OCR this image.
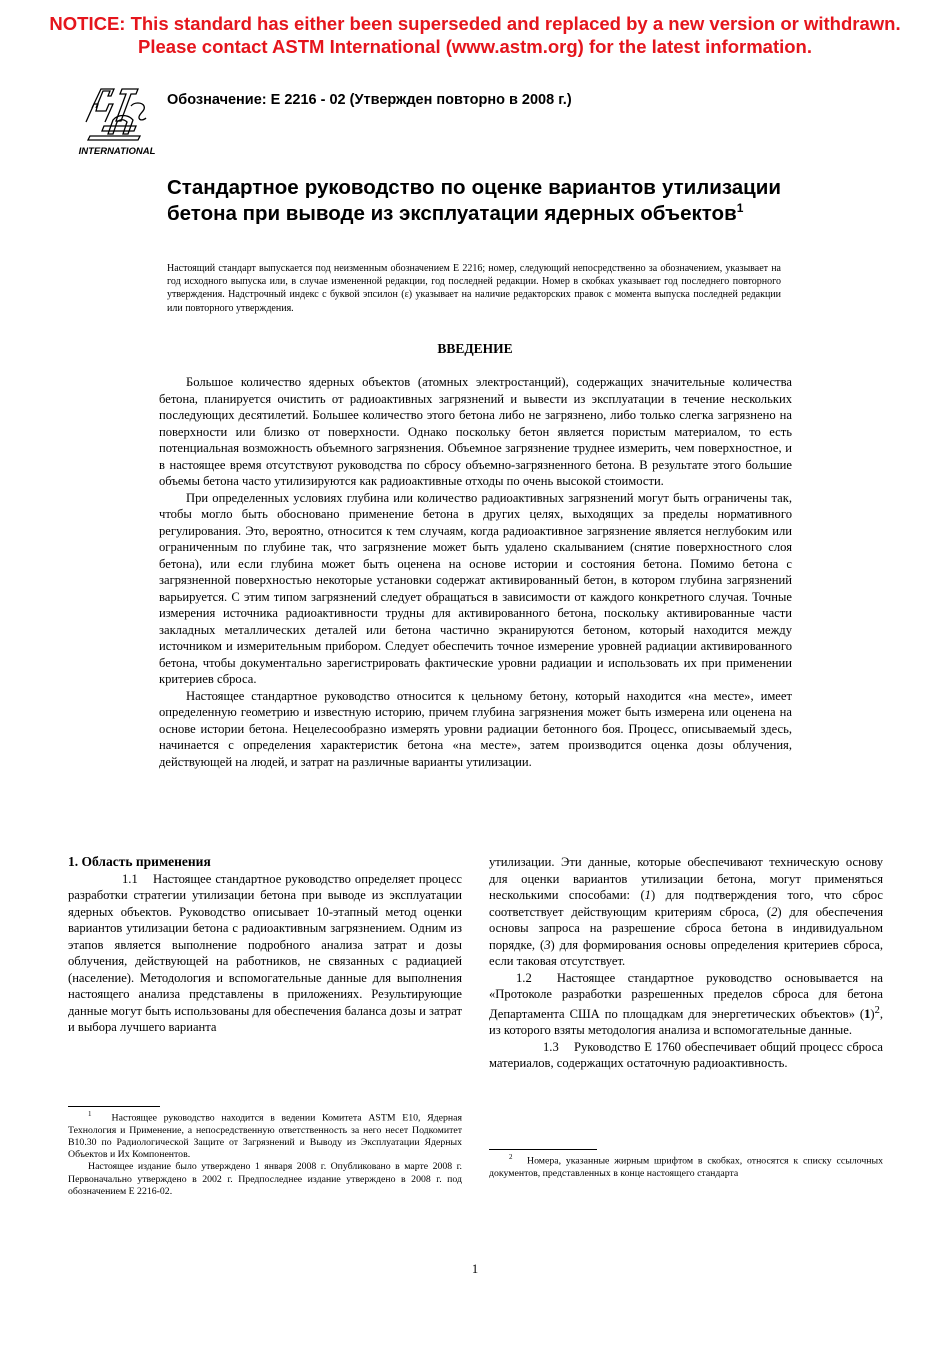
NOTICE: This standard has either been superseded and replaced by a new version or withdrawn.
Please contact ASTM International (www.astm.org) for the latest information.
INTERNATIONAL
Обозначение: E 2216 - 02 (Утвержден повторно в 2008 г.)
Стандартное руководство по оценке вариантов утилизации бетона при выводе из эксплуатации ядерных объектов$^1$
Настоящий стандарт выпускается под неизменным обозначением E 2216; номер, следующий непосредственно за обозначением, указывает на год исходного выпуска или, в случае измененной редакции, год последней редакции. Номер в скобках указывает год последнего повторного утверждения. Надстрочный индекс с буквой эпсилон (ε) указывает на наличие редакторских правок с момента выпуска последней редакции или повторного утверждения.
ВВЕДЕНИЕ

Большое количество ядерных объектов (атомных электростанций), содержащих значительные количества бетона, планируется очистить от радиоактивных загрязнений и вывести из эксплуатации в течение нескольких последующих десятилетий. Большее количество этого бетона либо не загрязнено, либо только слегка загрязнено на поверхности или близко от поверхности. Однако поскольку бетон является пористым материалом, то есть потенциальная возможность объемного загрязнения. Объемное загрязнение труднее измерить, чем поверхностное, и в настоящее время отсутствуют руководства по сбросу объемно-загрязненного бетона. В результате этого большие объемы бетона часто утилизируются как радиоактивные отходы по очень высокой стоимости.

При определенных условиях глубина или количество радиоактивных загрязнений могут быть ограничены так, чтобы могло быть обосновано применение бетона в других целях, выходящих за пределы нормативного регулирования. Это, вероятно, относится к тем случаям, когда радиоактивное загрязнение является неглубоким или ограниченным по глубине так, что загрязнение может быть удалено скалыванием (снятие поверхностного слоя бетона), или если глубина может быть оценена на основе истории и состояния бетона. Помимо бетона с загрязненной поверхностью некоторые установки содержат активированный бетон, в котором глубина загрязнений варьируется. С этим типом загрязнений следует обращаться в зависимости от каждого конкретного случая. Точные измерения источника радиоактивности трудны для активированного бетона, поскольку активированные части закладных металлических деталей или бетона частично экранируются бетоном, который находится между источником и измерительным прибором. Следует обеспечить точное измерение уровней радиации активированного бетона, чтобы документально зарегистрировать фактические уровни радиации и использовать их при применении критериев сброса.

Настоящее стандартное руководство относится к цельному бетону, который находится «на месте», имеет определенную геометрию и известную историю, причем глубина загрязнения может быть измерена или оценена на основе истории бетона. Нецелесообразно измерять уровни радиации бетонного боя. Процесс, описываемый здесь, начинается с определения характеристик бетона «на месте», затем производится оценка дозы облучения, действующей на людей, и затрат на различные варианты утилизации.

1. Область применения

1.1 Настоящее стандартное руководство определяет процесс разработки стратегии утилизации бетона при выводе из эксплуатации ядерных объектов. Руководство описывает 10-этапный метод оценки вариантов утилизации бетона с радиоактивным загрязнением. Одним из этапов является выполнение подробного анализа затрат и дозы облучения, действующей на работников, не связанных с радиацией (население). Методология и вспомогательные данные для выполнения настоящего анализа представлены в приложениях. Результирующие данные могут быть использованы для обеспечения баланса дозы и затрат и выбора лучшего варианта

утилизации. Эти данные, которые обеспечивают техническую основу для оценки вариантов утилизации бетона, могут применяться несколькими способами: (1) для подтверждения того, что сброс соответствует действующим критериям сброса, (2) для обеспечения основы запроса на разрешение сброса бетона в индивидуальном порядке, (3) для формирования основы определения критериев сброса, если таковая отсутствует.

1.2 Настоящее стандартное руководство основывается на «Протоколе разработки разрешенных пределов сброса для бетона Департамента США по площадкам для энергетических объектов» $(1)^2$, из которого взяты методология анализа и вспомогательные данные.

1.3 Руководство E 1760 обеспечивает общий процесс сброса материалов, содержащих остаточную радиоактивность.

$^1$ Настоящее руководство находится в ведении Комитета ASTM E10, Ядерная Технология и Применение, а непосредственную ответственность за него несет Подкомитет B10.30 по Радиологической Защите от Загрязнений и Выводу из Эксплуатации Ядерных Объектов и Их Компонентов.

Настоящее издание было утверждено 1 января 2008 г. Опубликовано в марте 2008 г. Первоначально утверждено в 2002 г. Предпоследнее издание утверждено в 2008 г. под обозначением E 2216-02.

$^2$ Номера, указанные жирным шрифтом в скобках, относятся к списку ссылочных документов, представленных в конце настоящего стандарта

1
